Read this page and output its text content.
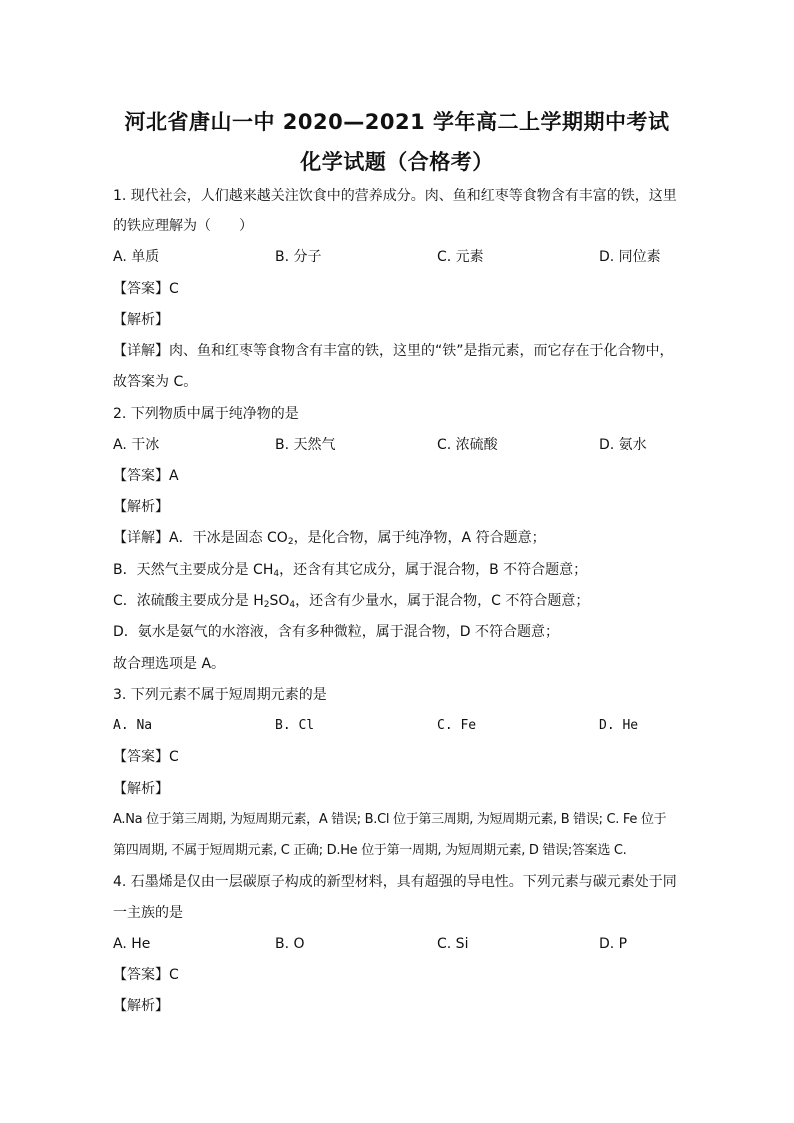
河北省唐山一中 2020—2021 学年高二上学期期中考试
化学试题（合格考）
1. 现代社会，人们越来越关注饮食中的营养成分。肉、鱼和红枣等食物含有丰富的铁，这里
的铁应理解为（　　）
A. 单质	B. 分子	C. 元素	D. 同位素
【答案】C
【解析】
【详解】肉、鱼和红枣等食物含有丰富的铁，这里的“铁”是指元素，而它存在于化合物中，
故答案为 C。
2. 下列物质中属于纯净物的是
A. 干冰	B. 天然气	C. 浓硫酸	D. 氨水
【答案】A
【解析】
【详解】A．干冰是固态 $CO_2$，是化合物，属于纯净物，A 符合题意；
B．天然气主要成分是 $CH_4$，还含有其它成分，属于混合物，B 不符合题意；
C．浓硫酸主要成分是 $H_2SO_4$，还含有少量水，属于混合物，C 不符合题意；
D．氨水是氨气的水溶液，含有多种微粒，属于混合物，D 不符合题意；
故合理选项是 A。
3. 下列元素不属于短周期元素的是
A. Na	B. Cl	C. Fe	D. He
【答案】C
【解析】
A.Na 位于第三周期, 为短周期元素，A 错误; B.Cl 位于第三周期, 为短周期元素, B 错误; C. Fe 位于
第四周期, 不属于短周期元素, C 正确; D.He 位于第一周期, 为短周期元素, D 错误;答案选 C.
4. 石墨烯是仅由一层碳原子构成的新型材料，具有超强的导电性。下列元素与碳元素处于同
一主族的是
A. He	B. O	C. Si	D. P
【答案】C
【解析】
